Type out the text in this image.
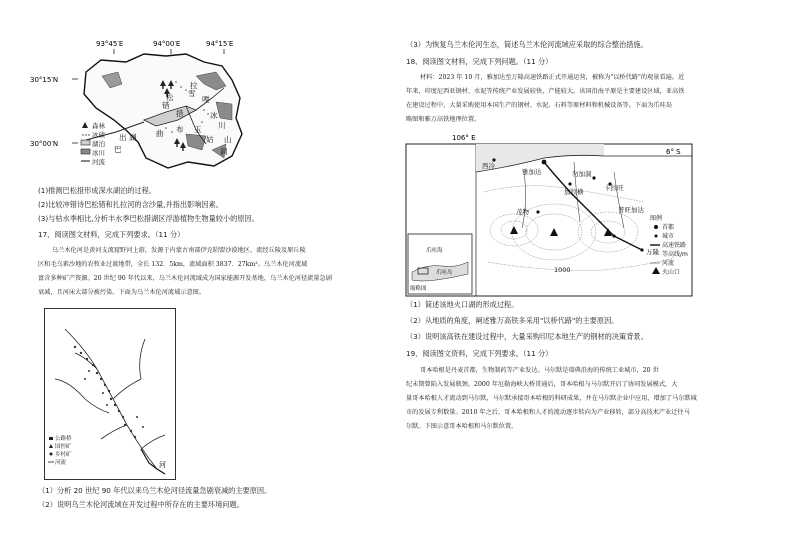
93°45′E	94°00′E	94°15′E
30°15′N
30°00′N
错
出 湖
雪
嘎
措	冰
川
巴
松
玉
山
拉
姑
洞
布
曲
森林
冰碛
湖泊
冰川
河流
(1)推测巴松措形成深水湖泊的过程。
(2)比较冲错诗巴松错和扎拉河的含沙量,并指出影响因素。
(3)与枯水季相比,分析丰水季巴松措湖区浮游植物生物量较小的原因。
17、阅读图文材料，完成下列要求。（11 分）
乌兰木伦河是黄河支流窟野河上游，发源于内蒙古南部伊克昭盟沙漠地区，流经丘陵及原丘陵
区和毛乌素沙地的农牧业过渡地带，全长 132．5km，流域面积 3837．27km²。乌兰木伦河流域
富含多种矿产资源。20 世纪 90 年代以来，乌兰木伦河流域成为国家能源开发基地，乌兰木伦河径流量急剧
衰减，且河床大部分被污染。下面为乌兰木伦河流域示意图。
河
公路桥
国控矿
乡村矿
河流
（1）分析 20 世纪 90 年代以来乌兰木伦河径流量急剧衰减的主要原因。
（2）说明乌兰木伦河流域在开发过程中所存在的主要环境问题。
（3）为恢复乌兰木伦河生态，简述乌兰木伦河流域应采取的综合整治措施。
18、阅读图文材料，完成下列问题。（11 分）
材料：2023 年 10 月，雅加达至万隆高速铁路正式开通运营，被称为"以桥代路"的观景看遍。近
年来，印度尼西亚钢材、水泥等传统产业发展较快，产能较大。该国沿海平原是主要建设区域，亚高铁
在建设过程中，大量采购使用本国生产的钢材、水泥、石料等原材料和机械设备等。下面为爪哇岛
略图和雅万高铁地理位置。
106° E
6° S
西冷
雅加达	勿加洞
加拉横	卡拉旺
茂物	普旺加达
万隆
1000
爪哇海
爪哇岛
缩略图
图例
首都
城市
高速铁路
等高线/m
河流
火山口
（1）简述该地火口湖的形成过程。
（2）从地质的角度，阐述雅万高铁多采用"以桥代路"的主要原因。
（3）说明该高铁在建设过程中，大量采购印尼本地生产的钢材的决策背景。
19、阅读图文资料，完成下列要求。（11 分）
哥本哈根是丹麦首都，生物制药等产业发达。马尔默是瑞典沿海的传统工业城市，20 世
纪末期曾陷入发展瓶颈。2000 年厄勒海峡大桥贯通后，哥本哈根与马尔默开启了协同发展模式，大
量哥本哈根人才流动到马尔默，马尔默承接哥本哈根的科研成果，并在马尔默企业中应用，增加了马尔默城
市的发展专利数量。2010 年之后，哥本哈根和人才的流动逐步转向为产业移转，部分高技术产业迁往马
尔默。下图示意哥本哈根和马尔默位置。
